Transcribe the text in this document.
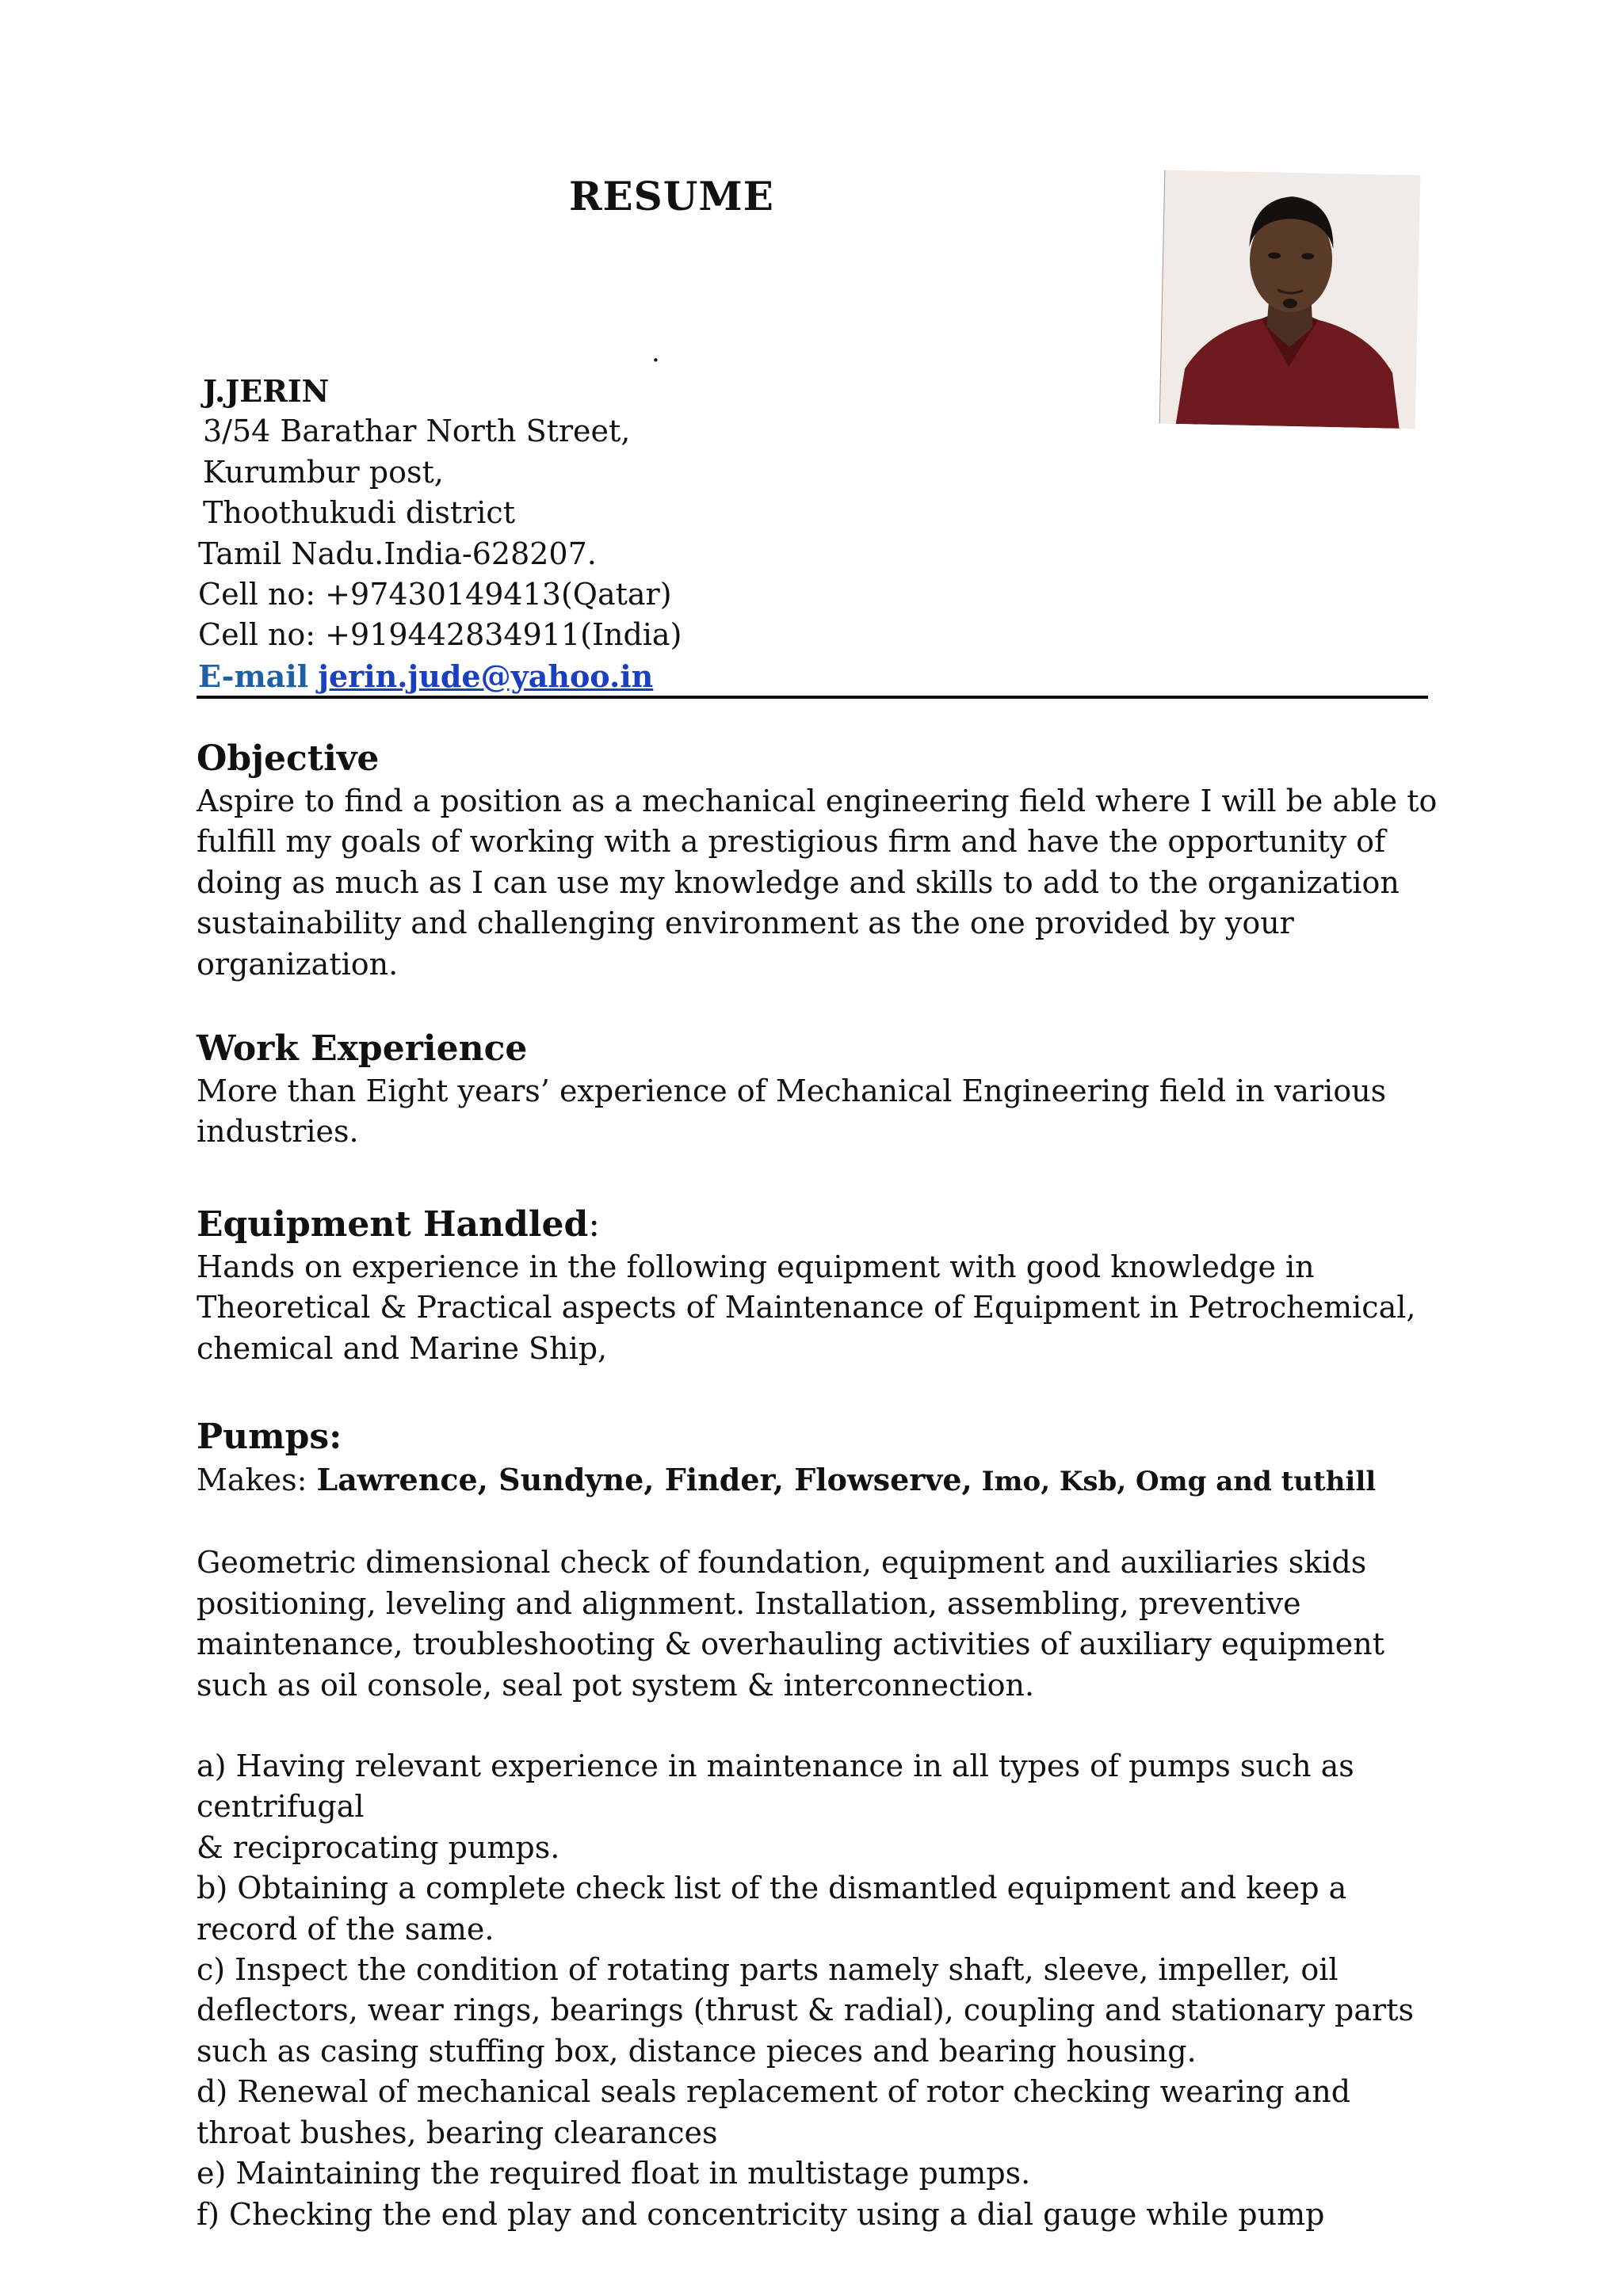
RESUME
.
J.JERIN
3/54 Barathar North Street,
Kurumbur post,
Thoothukudi district
Tamil Nadu.India-628207.
Cell no: +97430149413(Qatar)
Cell no: +919442834911(India)
E-mail jerin.jude@yahoo.in
Objective

Aspire to find a position as a mechanical engineering field where I will be able to fulfill my goals of working with a prestigious firm and have the opportunity of doing as much as I can use my knowledge and skills to add to the organization sustainability and challenging environment as the one provided by your organization.

Work Experience

More than Eight years’ experience of Mechanical Engineering field in various industries.

Equipment Handled:

Hands on experience in the following equipment with good knowledge in Theoretical & Practical aspects of Maintenance of Equipment in Petrochemical, chemical and Marine Ship,

Pumps:
Makes: Lawrence, Sundyne, Finder, Flowserve, Imo, Ksb, Omg and tuthill

Geometric dimensional check of foundation, equipment and auxiliaries skids positioning, leveling and alignment. Installation, assembling, preventive maintenance, troubleshooting & overhauling activities of auxiliary equipment such as oil console, seal pot system & interconnection.

a) Having relevant experience in maintenance in all types of pumps such as centrifugal

& reciprocating pumps.

b) Obtaining a complete check list of the dismantled equipment and keep a record of the same.

c) Inspect the condition of rotating parts namely shaft, sleeve, impeller, oil deflectors, wear rings, bearings (thrust & radial), coupling and stationary parts such as casing stuffing box, distance pieces and bearing housing.

d) Renewal of mechanical seals replacement of rotor checking wearing and throat bushes, bearing clearances

e) Maintaining the required float in multistage pumps.

f) Checking the end play and concentricity using a dial gauge while pump
